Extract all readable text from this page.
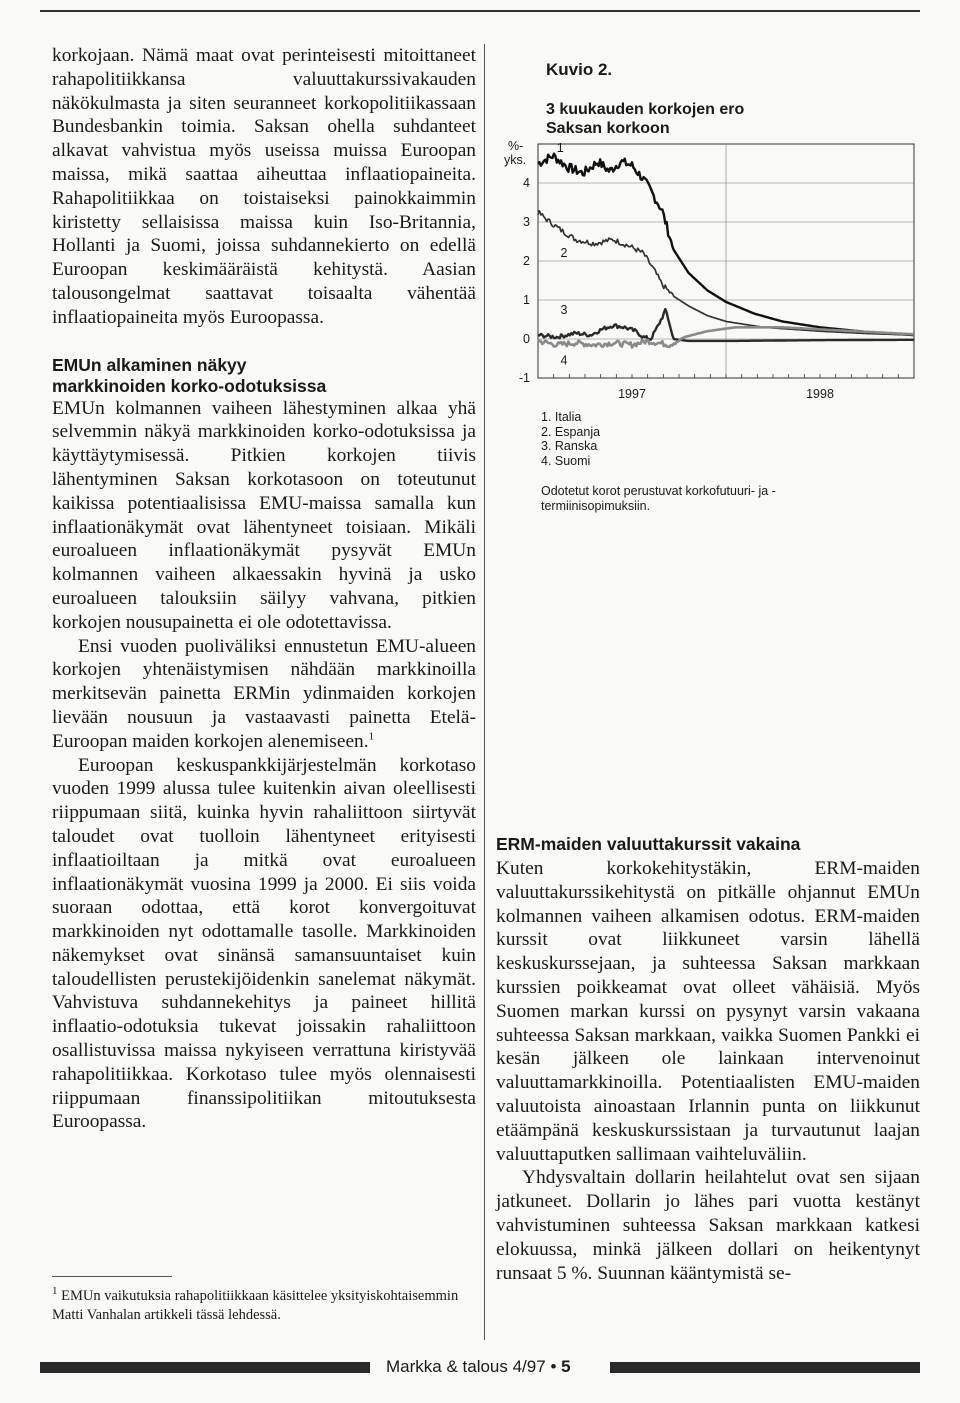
korkojaan. Nämä maat ovat perinteisesti mitoittaneet rahapolitiikkansa valuuttakurssivakauden näkökulmasta ja siten seuranneet korkopolitiikassaan Bundesbankin toimia. Saksan ohella suhdanteet alkavat vahvistua myös useissa muissa Euroopan maissa, mikä saattaa aiheuttaa inflaatiopaineita. Rahapolitiikkaa on toistaiseksi painokkaimmin kiristetty sellaisissa maissa kuin Iso-Britannia, Hollanti ja Suomi, joissa suhdannekierto on edellä Euroopan keskimääräistä kehitystä. Aasian talousongelmat saattavat toisaalta vähentää inflaatiopaineita myös Euroopassa.

EMUn alkaminen näkyy
markkinoiden korko-odotuksissa

EMUn kolmannen vaiheen lähestyminen alkaa yhä selvemmin näkyä markkinoiden korko-odotuksissa ja käyttäytymisessä. Pitkien korkojen tiivis lähentyminen Saksan korkotasoon on toteutunut kaikissa potentiaalisissa EMU-maissa samalla kun inflaationäkymät ovat lähentyneet toisiaan. Mikäli euroalueen inflaationäkymät pysyvät EMUn kolmannen vaiheen alkaessakin hyvinä ja usko euroalueen talouksiin säilyy vahvana, pitkien korkojen nousupainetta ei ole odotettavissa.

Ensi vuoden puoliväliksi ennustetun EMU-alueen korkojen yhtenäistymisen nähdään markkinoilla merkitsevän painetta ERMin ydinmaiden korkojen lievään nousuun ja vastaavasti painetta Etelä-Euroopan maiden korkojen alenemiseen.$^1$

Euroopan keskuspankkijärjestelmän korkotaso vuoden 1999 alussa tulee kuitenkin aivan oleellisesti riippumaan siitä, kuinka hyvin rahaliittoon siirtyvät taloudet ovat tuolloin lähentyneet erityisesti inflaatioiltaan ja mitkä ovat euroalueen inflaationäkymät vuosina 1999 ja 2000. Ei siis voida suoraan odottaa, että korot konvergoituvat markkinoiden nyt odottamalle tasolle. Markkinoiden näkemykset ovat sinänsä samansuuntaiset kuin taloudellisten perustekijöidenkin sanelemat näkymät. Vahvistuva suhdannekehitys ja paineet hillitä inflaatio-odotuksia tukevat joissakin rahaliittoon osallistuvissa maissa nykyiseen verrattuna kiristyvää rahapolitiikkaa. Korkotaso tulee myös olennaisesti riippumaan finanssipolitiikan mitoutuksesta Euroopassa.

$^1$ EMUn vaikutuksia rahapolitiikkaan käsittelee yksityiskohtaisemmin Matti Vanhalan artikkeli tässä lehdessä.

Kuvio 2.

3 kuukauden korkojen ero
Saksan korkoon

%-
yks.
4
3
2
1
0
-1
1997	1998
1
2
3
4
1. Italia
2. Espanja
3. Ranska
4. Suomi

Odotetut korot perustuvat korkofutuuri- ja -termiinisopimuksiin.

ERM-maiden valuuttakurssit vakaina

Kuten korkokehitystäkin, ERM-maiden valuuttakurssikehitystä on pitkälle ohjannut EMUn kolmannen vaiheen alkamisen odotus. ERM-maiden kurssit ovat liikkuneet varsin lähellä keskuskurssejaan, ja suhteessa Saksan markkaan kurssien poikkeamat ovat olleet vähäisiä. Myös Suomen markan kurssi on pysynyt varsin vakaana suhteessa Saksan markkaan, vaikka Suomen Pankki ei kesän jälkeen ole lainkaan intervenoinut valuuttamarkkinoilla. Potentiaalisten EMU-maiden valuutoista ainoastaan Irlannin punta on liikkunut etäämpänä keskuskurssistaan ja turvautunut laajan valuuttaputken sallimaan vaihteluväliin.

Yhdysvaltain dollarin heilahtelut ovat sen sijaan jatkuneet. Dollarin jo lähes pari vuotta kestänyt vahvistuminen suhteessa Saksan markkaan katkesi elokuussa, minkä jälkeen dollari on heikentynyt runsaat 5 %. Suunnan kääntymistä se-

Markka & talous 4/97 • 5
